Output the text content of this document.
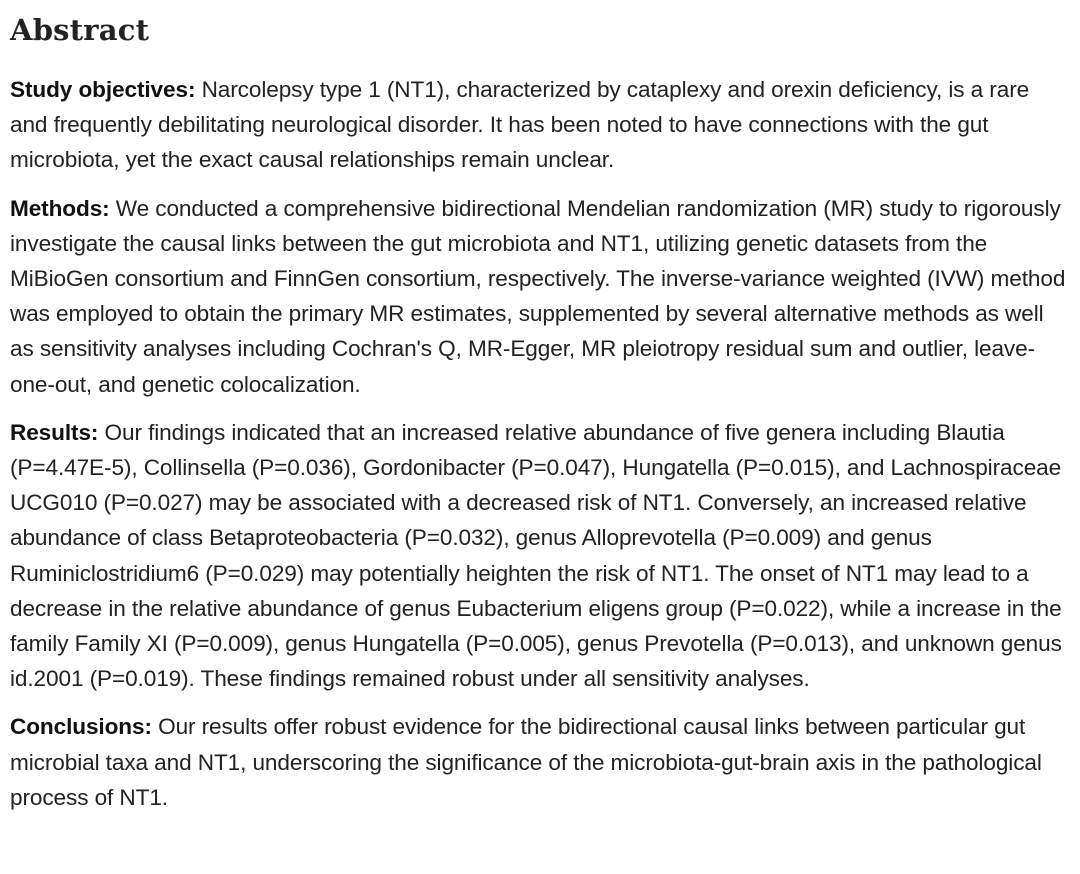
Abstract

Study objectives: Narcolepsy type 1 (NT1), characterized by cataplexy and orexin deficiency, is a rare and frequently debilitating neurological disorder. It has been noted to have connections with the gut microbiota, yet the exact causal relationships remain unclear.

Methods: We conducted a comprehensive bidirectional Mendelian randomization (MR) study to rigorously investigate the causal links between the gut microbiota and NT1, utilizing genetic datasets from the MiBioGen consortium and FinnGen consortium, respectively. The inverse-variance weighted (IVW) method was employed to obtain the primary MR estimates, supplemented by several alternative methods as well as sensitivity analyses including Cochran's Q, MR-Egger, MR pleiotropy residual sum and outlier, leave-one-out, and genetic colocalization.

Results: Our findings indicated that an increased relative abundance of five genera including Blautia (P=4.47E-5), Collinsella (P=0.036), Gordonibacter (P=0.047), Hungatella (P=0.015), and Lachnospiraceae UCG010 (P=0.027) may be associated with a decreased risk of NT1. Conversely, an increased relative abundance of class Betaproteobacteria (P=0.032), genus Alloprevotella (P=0.009) and genus Ruminiclostridium6 (P=0.029) may potentially heighten the risk of NT1. The onset of NT1 may lead to a decrease in the relative abundance of genus Eubacterium eligens group (P=0.022), while a increase in the family Family XI (P=0.009), genus Hungatella (P=0.005), genus Prevotella (P=0.013), and unknown genus id.2001 (P=0.019). These findings remained robust under all sensitivity analyses.

Conclusions: Our results offer robust evidence for the bidirectional causal links between particular gut microbial taxa and NT1, underscoring the significance of the microbiota-gut-brain axis in the pathological process of NT1.
